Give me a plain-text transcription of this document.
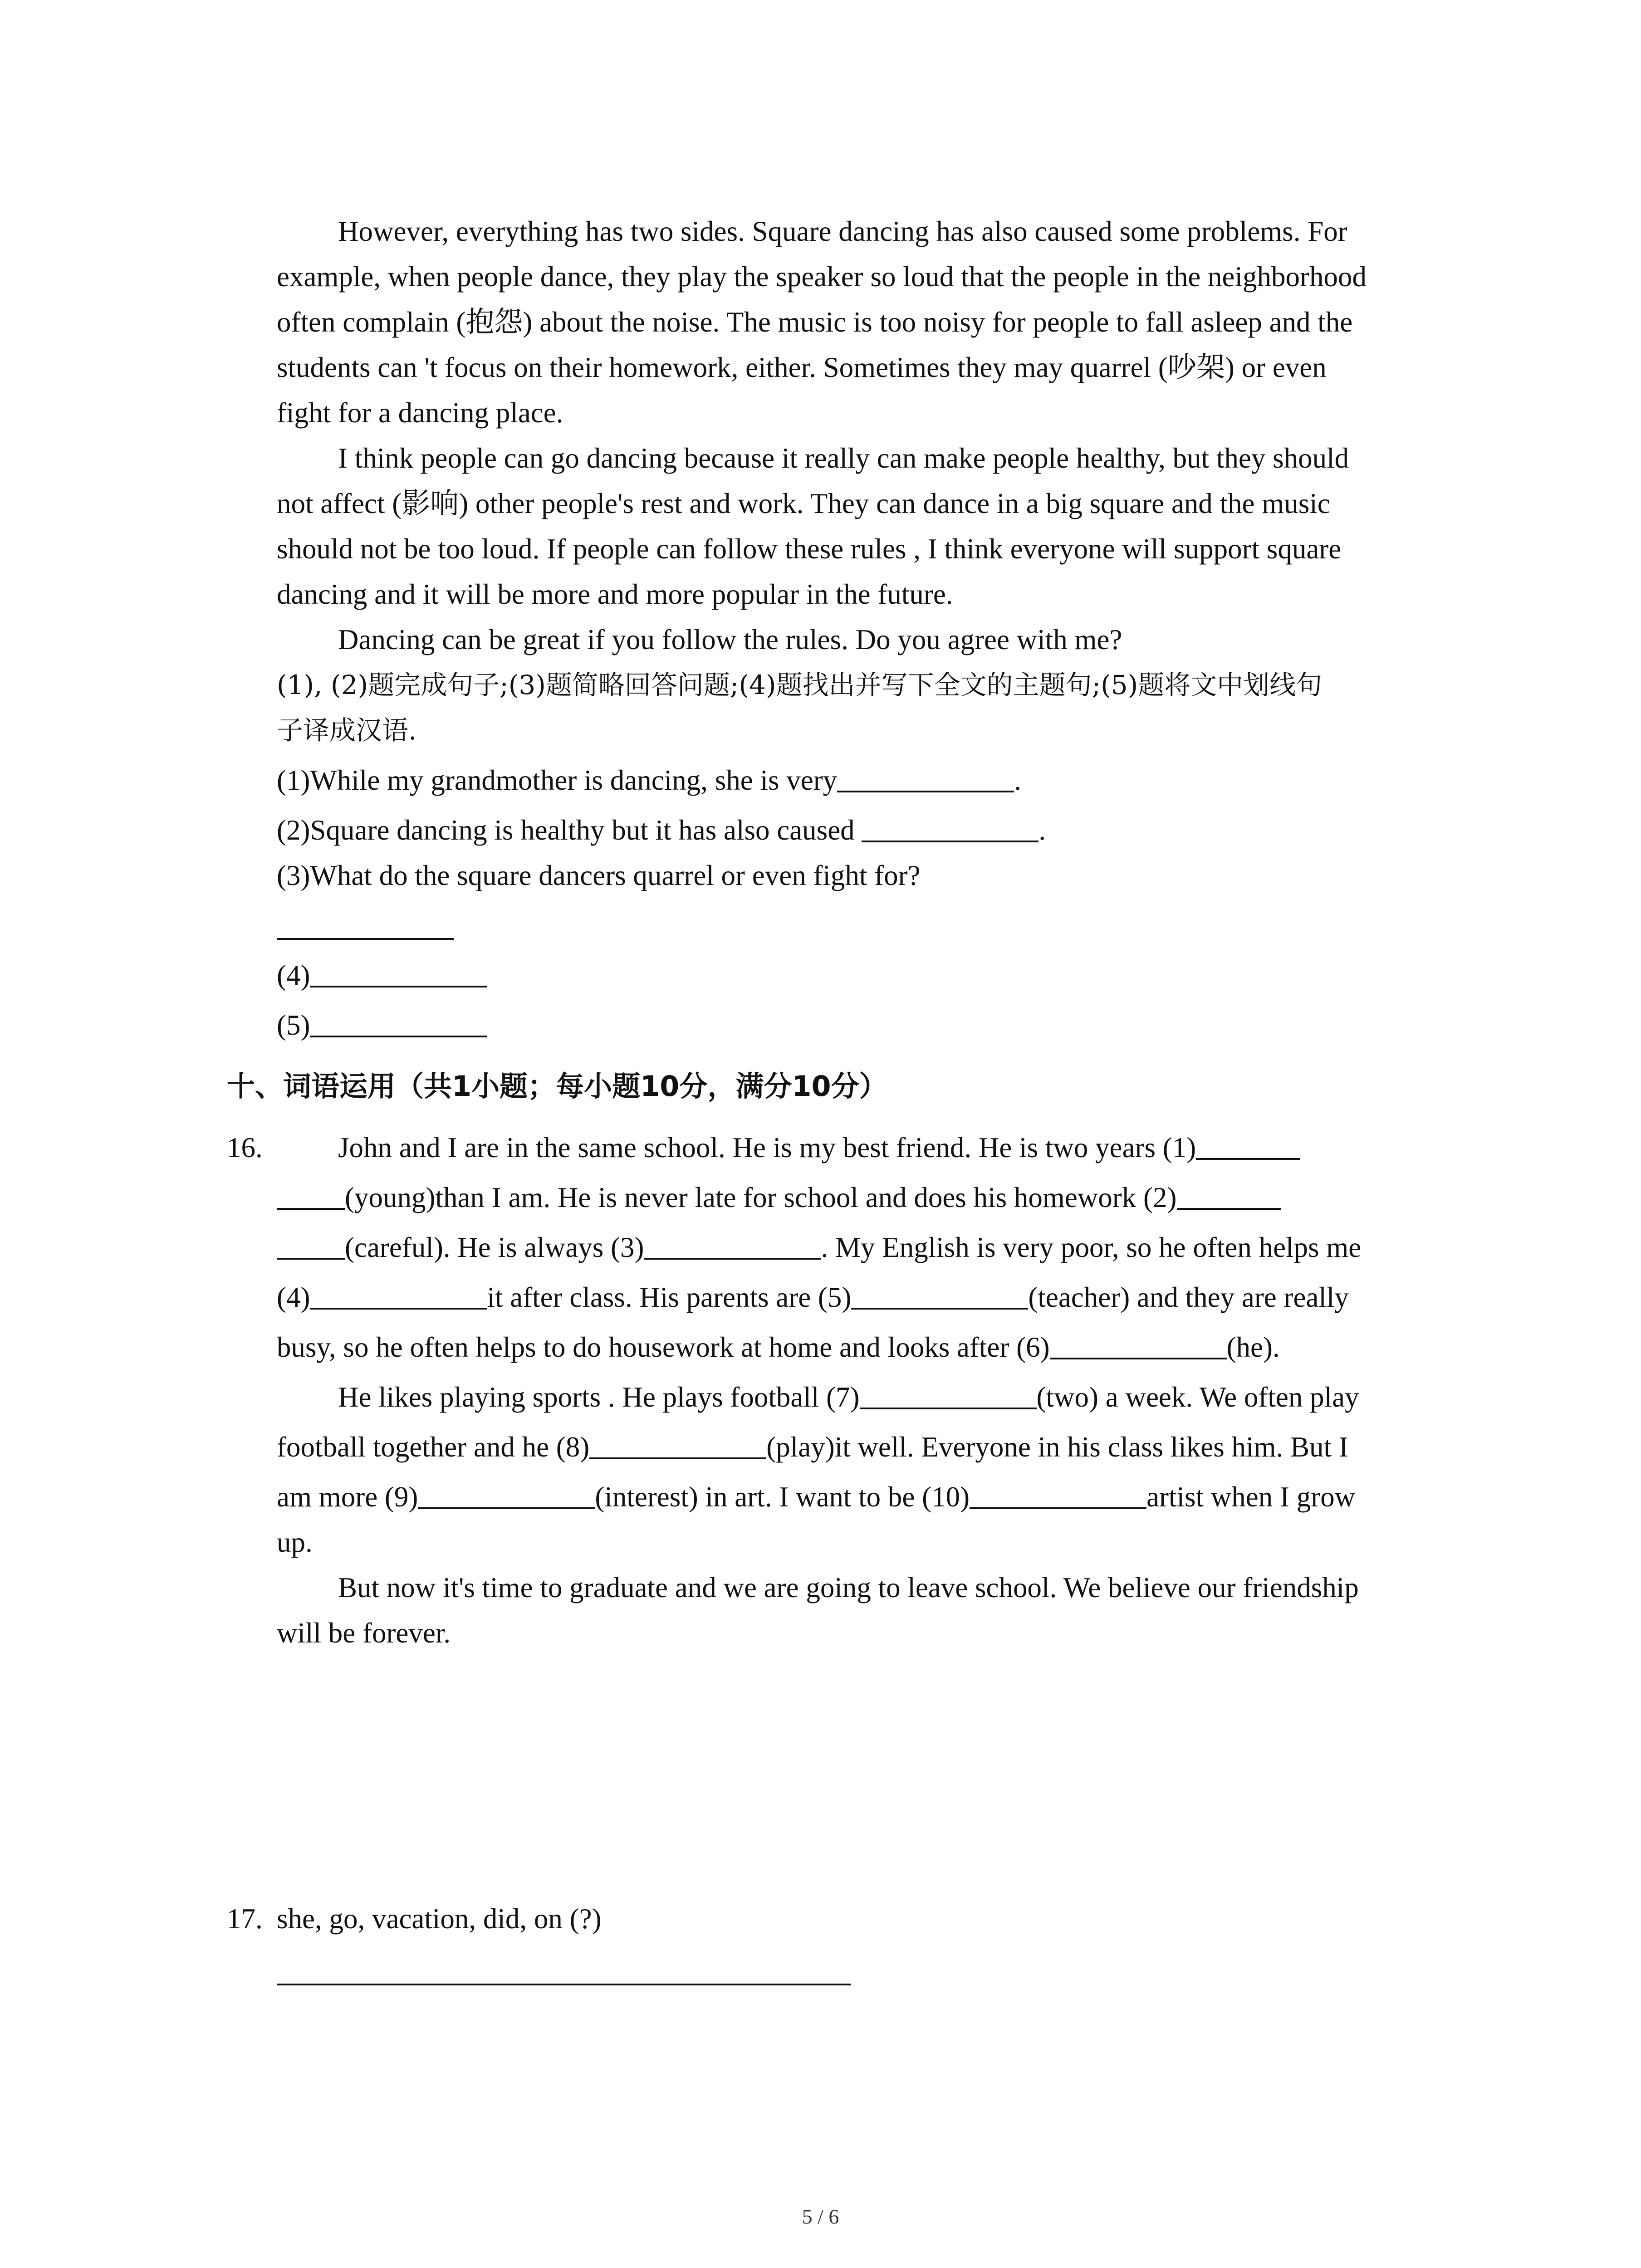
However, everything has two sides. Square dancing has also caused some problems. For
example, when people dance, they play the speaker so loud that the people in the neighborhood
often complain (抱怨) about the noise. The music is too noisy for people to fall asleep and the
students can 't focus on their homework, either. Sometimes they may quarrel (吵架) or even
fight for a dancing place.
I think people can go dancing because it really can make people healthy, but they should
not affect (影响) other people's rest and work. They can dance in a big square and the music
should not be too loud. If people can follow these rules , I think everyone will support square
dancing and it will be more and more popular in the future.
Dancing can be great if you follow the rules. Do you agree with me?
(1), (2)题完成句子;(3)题简略回答问题;(4)题找出并写下全文的主题句;(5)题将文中划线句
子译成汉语.
(1)While my grandmother is dancing, she is very	.
(2)Square dancing is healthy but it has also caused	.
(3)What do the square dancers quarrel or even fight for?
(4)
(5)
十、词语运用（共1小题；每小题10分，满分10分）
16.	John and I are in the same school. He is my best friend. He is two years (1)
(young)than I am. He is never late for school and does his homework (2)
(careful). He is always (3)	. My English is very poor, so he often helps me
(4)	it after class. His parents are (5)	(teacher) and they are really
busy, so he often helps to do housework at home and looks after (6)	(he).
He likes playing sports . He plays football (7)	(two) a week. We often play
football together and he (8)	(play)it well. Everyone in his class likes him. But I
am more (9)	(interest) in art. I want to be (10)	artist when I grow
up.
But now it's time to graduate and we are going to leave school. We believe our friendship
will be forever.
17. she, go, vacation, did, on (?)
5 / 6
